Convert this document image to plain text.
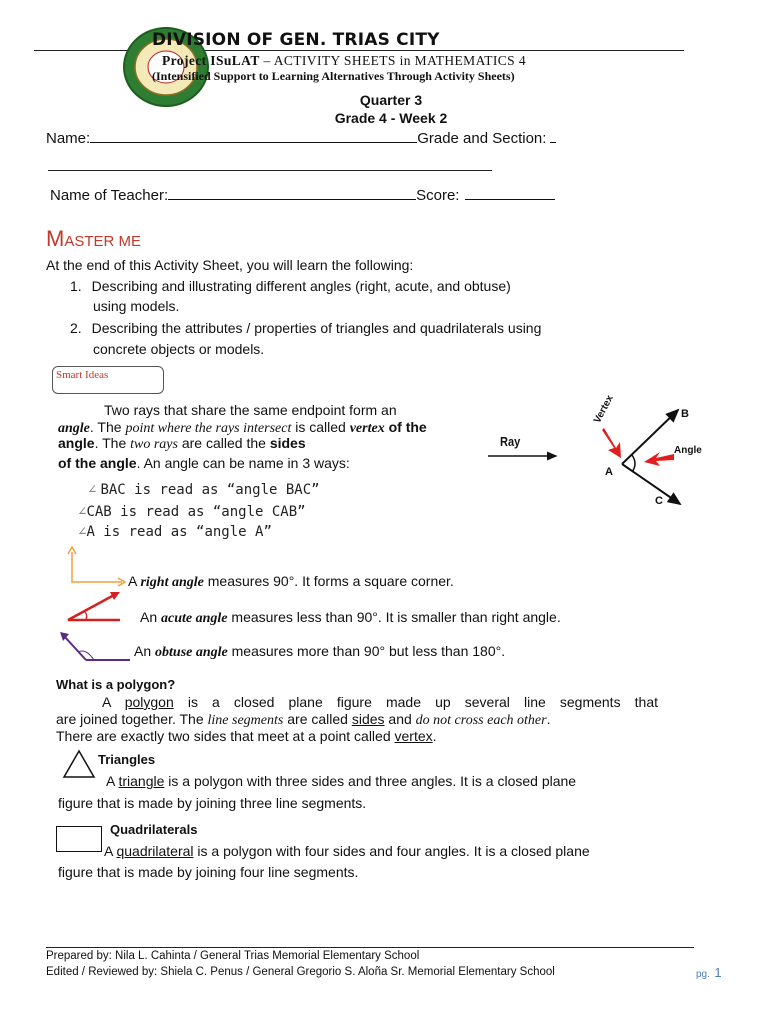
DIVISION OF GEN. TRIAS CITY
Project ISuLAT – ACTIVITY SHEETS in MATHEMATICS 4
(Intensified Support to Learning Alternatives Through Activity Sheets)
Quarter 3
Grade 4 - Week 2
Name:	Grade and Section:
Name of Teacher:	Score:
MASTER ME
At the end of this Activity Sheet, you will learn the following:
1. Describing and illustrating different angles (right, acute, and obtuse)
using models.
2. Describing the attributes / properties of triangles and quadrilaterals using
concrete objects or models.
Smart Ideas
Two rays that share the same endpoint form an
angle. The point where the rays intersect is called vertex of the
angle. The two rays are called the sides
of the angle. An angle can be name in 3 ways:
∠ BAC is read as “angle BAC”
∠CAB is read as “angle CAB”
∠A is read as “angle A”
Ray
Vertex
Angle
A
B
C
A right angle measures 90°. It forms a square corner.
An acute angle measures less than 90°. It is smaller than right angle.
An obtuse angle measures more than 90° but less than 180°.
What is a polygon?
A polygon is a closed plane figure made up several line segments that
are joined together. The line segments are called sides and do not cross each other.
There are exactly two sides that meet at a point called vertex.
Triangles
A triangle is a polygon with three sides and three angles. It is a closed plane
figure that is made by joining three line segments.
Quadrilaterals
A quadrilateral is a polygon with four sides and four angles. It is a closed plane
figure that is made by joining four line segments.
Prepared by: Nila L. Cahinta / General Trias Memorial Elementary School
Edited / Reviewed by: Shiela C. Penus / General Gregorio S. Aloña Sr. Memorial Elementary School	pg. 1
